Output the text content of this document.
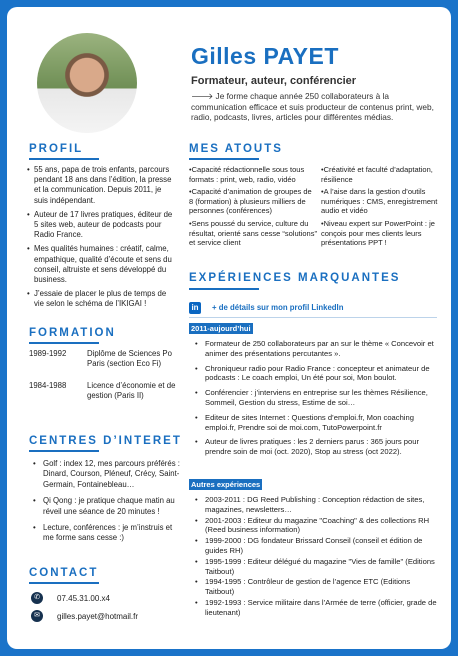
Gilles PAYET
Formateur, auteur, conférencier
🡒 Je forme chaque année 250 collaborateurs à la communication efficace et suis producteur de contenus print, web, radio, podcasts, livres, articles pour différentes médias.
PROFIL
• 55 ans, papa de trois enfants, parcours pendant 18 ans dans l’édition, la presse et la communication. Depuis 2011, je suis indépendant.
• Auteur de 17 livres pratiques, éditeur de 5 sites web, auteur de podcasts pour Radio France.
• Mes qualités humaines : créatif, calme, empathique, qualité d’écoute et sens du conseil, altruiste et sens développé du business.
• J’essaie de placer le plus de temps de vie selon le schéma de l’IKIGAI !
FORMATION
1989-1992	Diplôme de Sciences Po Paris (section Eco Fi)
1984-1988	Licence d’économie et de gestion (Paris II)
CENTRES D’INTERET
• Golf : index 12, mes parcours préférés : Dinard, Courson, Pléneuf, Crécy, Saint-Germain, Fontainebleau…
• Qi Qong : je pratique chaque matin au réveil une séance de 20 minutes !
• Lecture, conférences : je m’instruis et me forme sans cesse :)
CONTACT
✆	07.45.31.00.x4
✉	gilles.payet@hotmail.fr
MES ATOUTS
•Capacité rédactionnelle sous tous formats : print, web, radio, vidéo
•Capacité d’animation de groupes de 8 (formation) à plusieurs milliers de personnes (conférences)
•Sens poussé du service, culture du résultat, orienté sans cesse “solutions” et service client
•Créativité et faculté d’adaptation, résilience
•A l’aise dans la gestion d’outils numériques : CMS, enregistrement audio et vidéo
•Niveau expert sur PowerPoint : je conçois pour mes clients leurs présentations PPT !
EXPÉRIENCES MARQUANTES
in	+ de détails sur mon profil LinkedIn
2011-aujourd’hui
• Formateur de 250 collaborateurs par an sur le thème « Concevoir et animer des présentations percutantes ».
• Chroniqueur radio pour Radio France : concepteur et animateur de podcasts : Le coach emploi, Un été pour soi, Mon boulot.
• Conférencier : j’interviens en entreprise sur les thèmes Résilience, Sommeil, Gestion du stress, Estime de soi…
• Editeur de sites Internet : Questions d’emploi.fr, Mon coaching emploi.fr, Prendre soi de moi.com, TutoPowerpoint.fr
• Auteur de livres pratiques : les 2 derniers parus : 365 jours pour prendre soin de moi (oct. 2020), Stop au stress (oct 2022).
Autres expériences
• 2003-2011 : DG Reed Publishing : Conception rédaction de sites, magazines, newsletters…
• 2001-2003 : Editeur du magazine "Coaching" & des collections RH (Reed business information)
• 1999-2000 : DG fondateur Brissard Conseil (conseil et édition de guides RH)
• 1995-1999 : Editeur délégué du magazine "Vies de famille" (Editions Taitbout)
• 1994-1995 : Contrôleur de gestion de l’agence ETC (Editions Taitbout)
• 1992-1993 : Service militaire dans l’Armée de terre (officier, grade de lieutenant)
